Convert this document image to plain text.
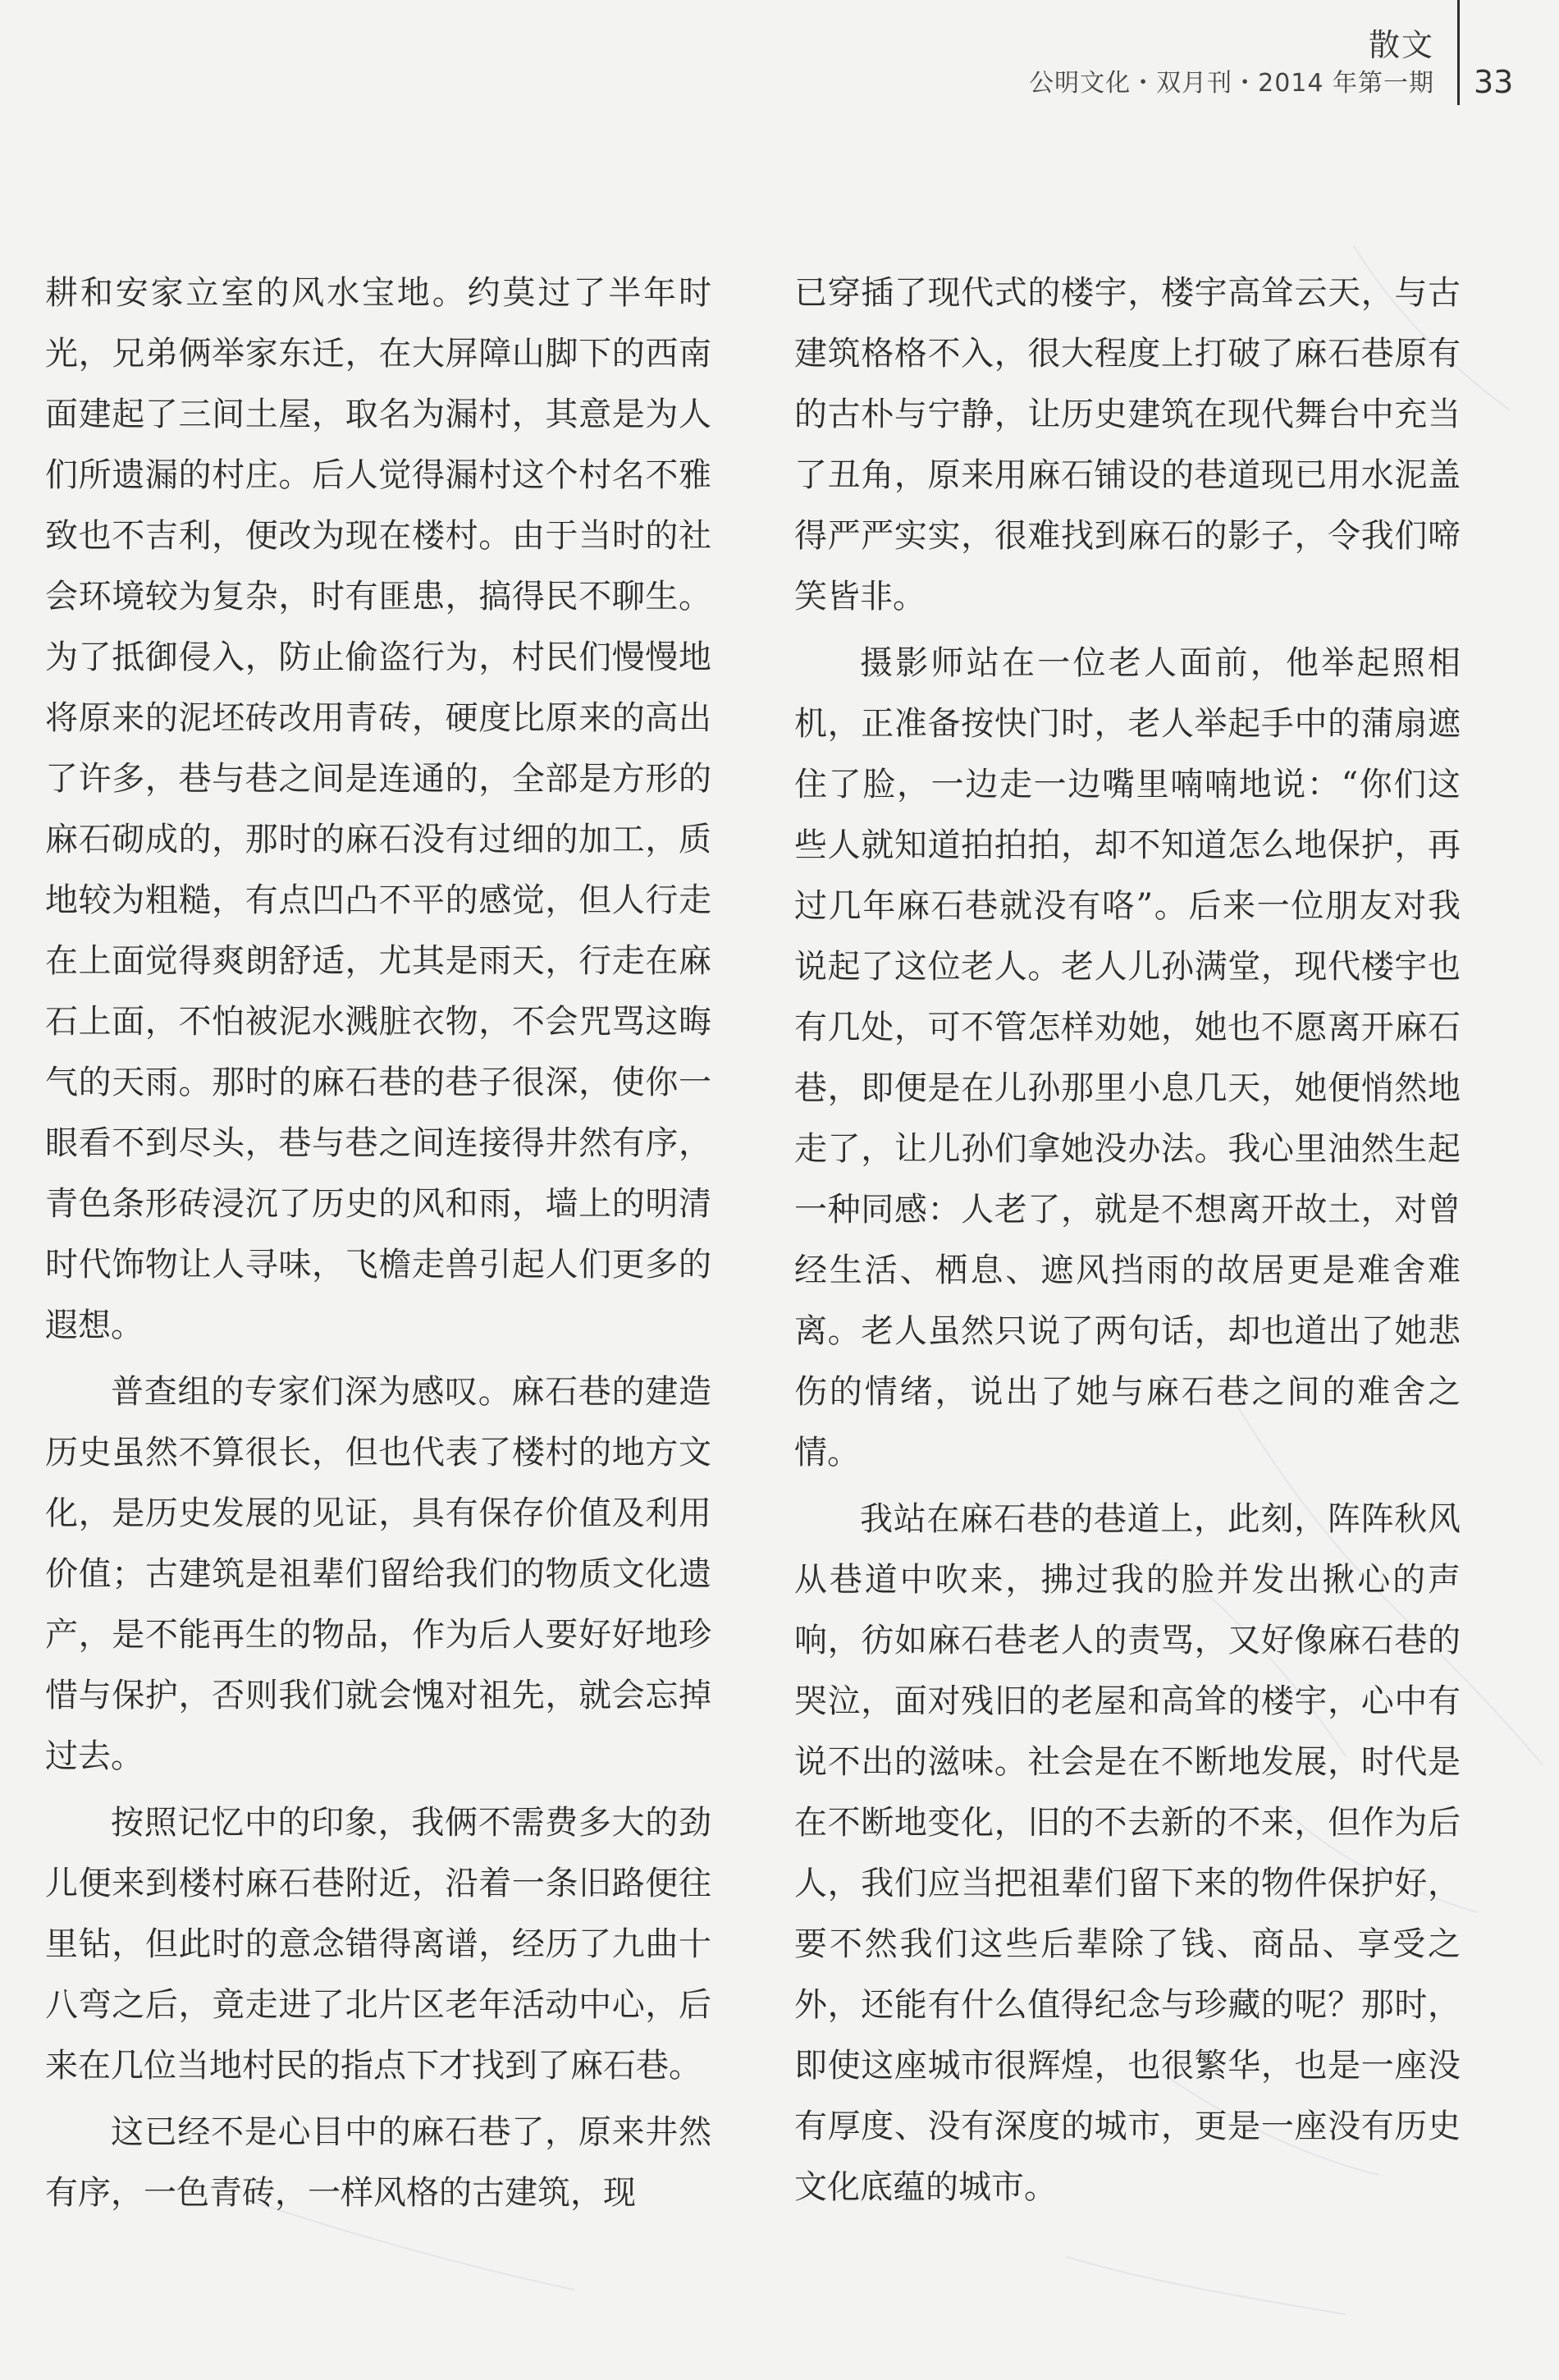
散文
公明文化・双月刊・2014 年第一期 33

耕和安家立室的风水宝地。约莫过了半年时光，兄弟俩举家东迁，在大屏障山脚下的西南面建起了三间土屋，取名为漏村，其意是为人们所遗漏的村庄。后人觉得漏村这个村名不雅致也不吉利，便改为现在楼村。由于当时的社会环境较为复杂，时有匪患，搞得民不聊生。为了抵御侵入，防止偷盗行为，村民们慢慢地将原来的泥坯砖改用青砖，硬度比原来的高出了许多，巷与巷之间是连通的，全部是方形的麻石砌成的，那时的麻石没有过细的加工，质地较为粗糙，有点凹凸不平的感觉，但人行走在上面觉得爽朗舒适，尤其是雨天，行走在麻石上面，不怕被泥水溅脏衣物，不会咒骂这晦气的天雨。那时的麻石巷的巷子很深，使你一眼看不到尽头，巷与巷之间连接得井然有序，青色条形砖浸沉了历史的风和雨，墙上的明清时代饰物让人寻味，飞檐走兽引起人们更多的遐想。

普查组的专家们深为感叹。麻石巷的建造历史虽然不算很长，但也代表了楼村的地方文化，是历史发展的见证，具有保存价值及利用价值；古建筑是祖辈们留给我们的物质文化遗产，是不能再生的物品，作为后人要好好地珍惜与保护，否则我们就会愧对祖先，就会忘掉过去。

按照记忆中的印象，我俩不需费多大的劲儿便来到楼村麻石巷附近，沿着一条旧路便往里钻，但此时的意念错得离谱，经历了九曲十八弯之后，竟走进了北片区老年活动中心，后来在几位当地村民的指点下才找到了麻石巷。

这已经不是心目中的麻石巷了，原来井然有序，一色青砖，一样风格的古建筑，现

已穿插了现代式的楼宇，楼宇高耸云天，与古建筑格格不入，很大程度上打破了麻石巷原有的古朴与宁静，让历史建筑在现代舞台中充当了丑角，原来用麻石铺设的巷道现已用水泥盖得严严实实，很难找到麻石的影子，令我们啼笑皆非。

摄影师站在一位老人面前，他举起照相机，正准备按快门时，老人举起手中的蒲扇遮住了脸，一边走一边嘴里喃喃地说：“你们这些人就知道拍拍拍，却不知道怎么地保护，再过几年麻石巷就没有咯”。后来一位朋友对我说起了这位老人。老人儿孙满堂，现代楼宇也有几处，可不管怎样劝她，她也不愿离开麻石巷，即便是在儿孙那里小息几天，她便悄然地走了，让儿孙们拿她没办法。我心里油然生起一种同感：人老了，就是不想离开故土，对曾经生活、栖息、遮风挡雨的故居更是难舍难离。老人虽然只说了两句话，却也道出了她悲伤的情绪，说出了她与麻石巷之间的难舍之情。

我站在麻石巷的巷道上，此刻，阵阵秋风从巷道中吹来，拂过我的脸并发出揪心的声响，彷如麻石巷老人的责骂，又好像麻石巷的哭泣，面对残旧的老屋和高耸的楼宇，心中有说不出的滋味。社会是在不断地发展，时代是在不断地变化，旧的不去新的不来，但作为后人，我们应当把祖辈们留下来的物件保护好，要不然我们这些后辈除了钱、商品、享受之外，还能有什么值得纪念与珍藏的呢？那时，即使这座城市很辉煌，也很繁华，也是一座没有厚度、没有深度的城市，更是一座没有历史文化底蕴的城市。
